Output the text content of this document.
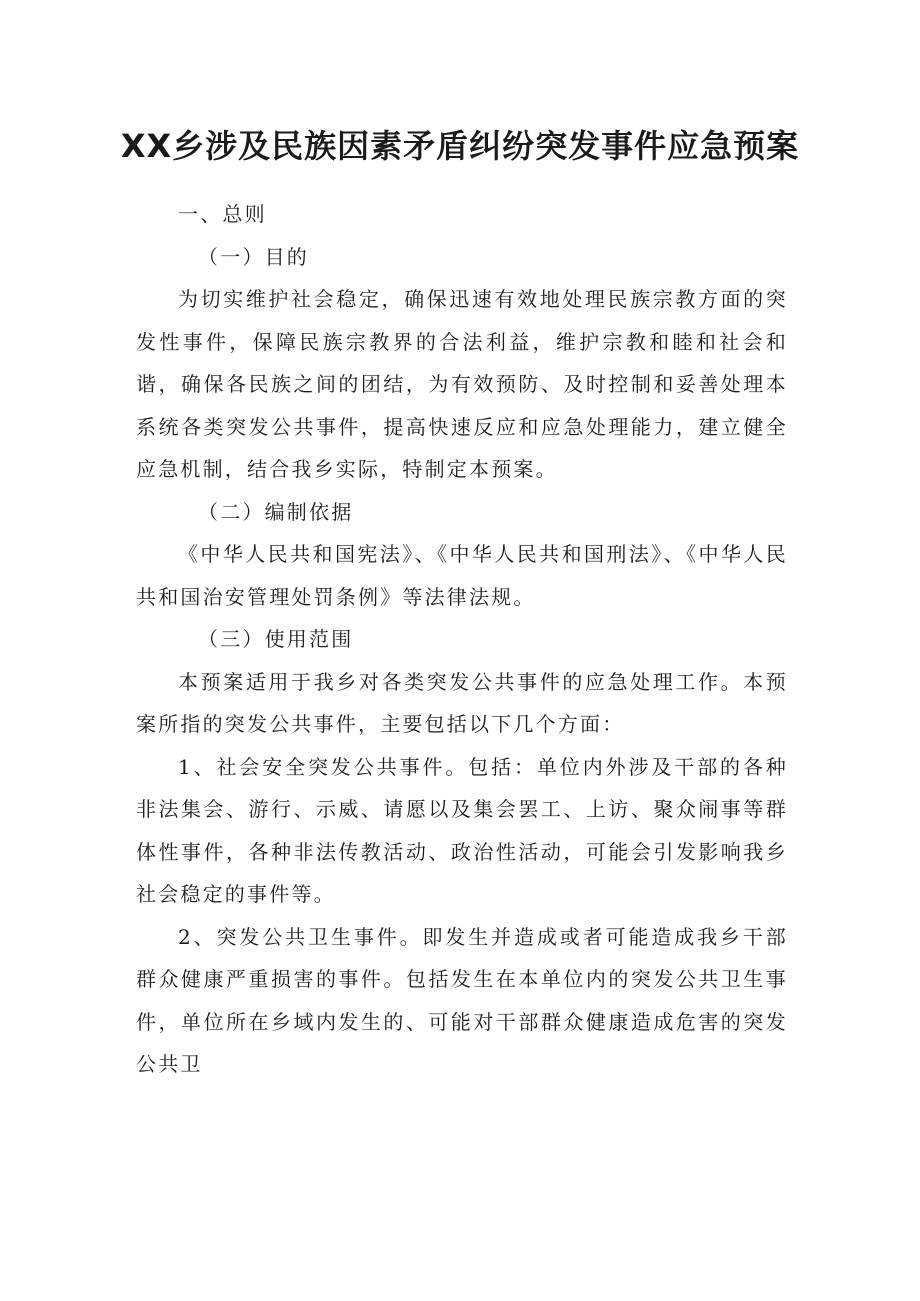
XX乡涉及民族因素矛盾纠纷突发事件应急预案

一、总则

（一）目的

为切实维护社会稳定，确保迅速有效地处理民族宗教方面的突发性事件，保障民族宗教界的合法利益，维护宗教和睦和社会和谐，确保各民族之间的团结，为有效预防、及时控制和妥善处理本系统各类突发公共事件，提高快速反应和应急处理能力，建立健全应急机制，结合我乡实际，特制定本预案。

（二）编制依据

《中华人民共和国宪法》、《中华人民共和国刑法》、《中华人民共和国治安管理处罚条例》等法律法规。

（三）使用范围

本预案适用于我乡对各类突发公共事件的应急处理工作。本预案所指的突发公共事件，主要包括以下几个方面：

1、社会安全突发公共事件。包括：单位内外涉及干部的各种非法集会、游行、示威、请愿以及集会罢工、上访、聚众闹事等群体性事件，各种非法传教活动、政治性活动，可能会引发影响我乡社会稳定的事件等。

2、突发公共卫生事件。即发生并造成或者可能造成我乡干部群众健康严重损害的事件。包括发生在本单位内的突发公共卫生事件，单位所在乡域内发生的、可能对干部群众健康造成危害的突发公共卫
